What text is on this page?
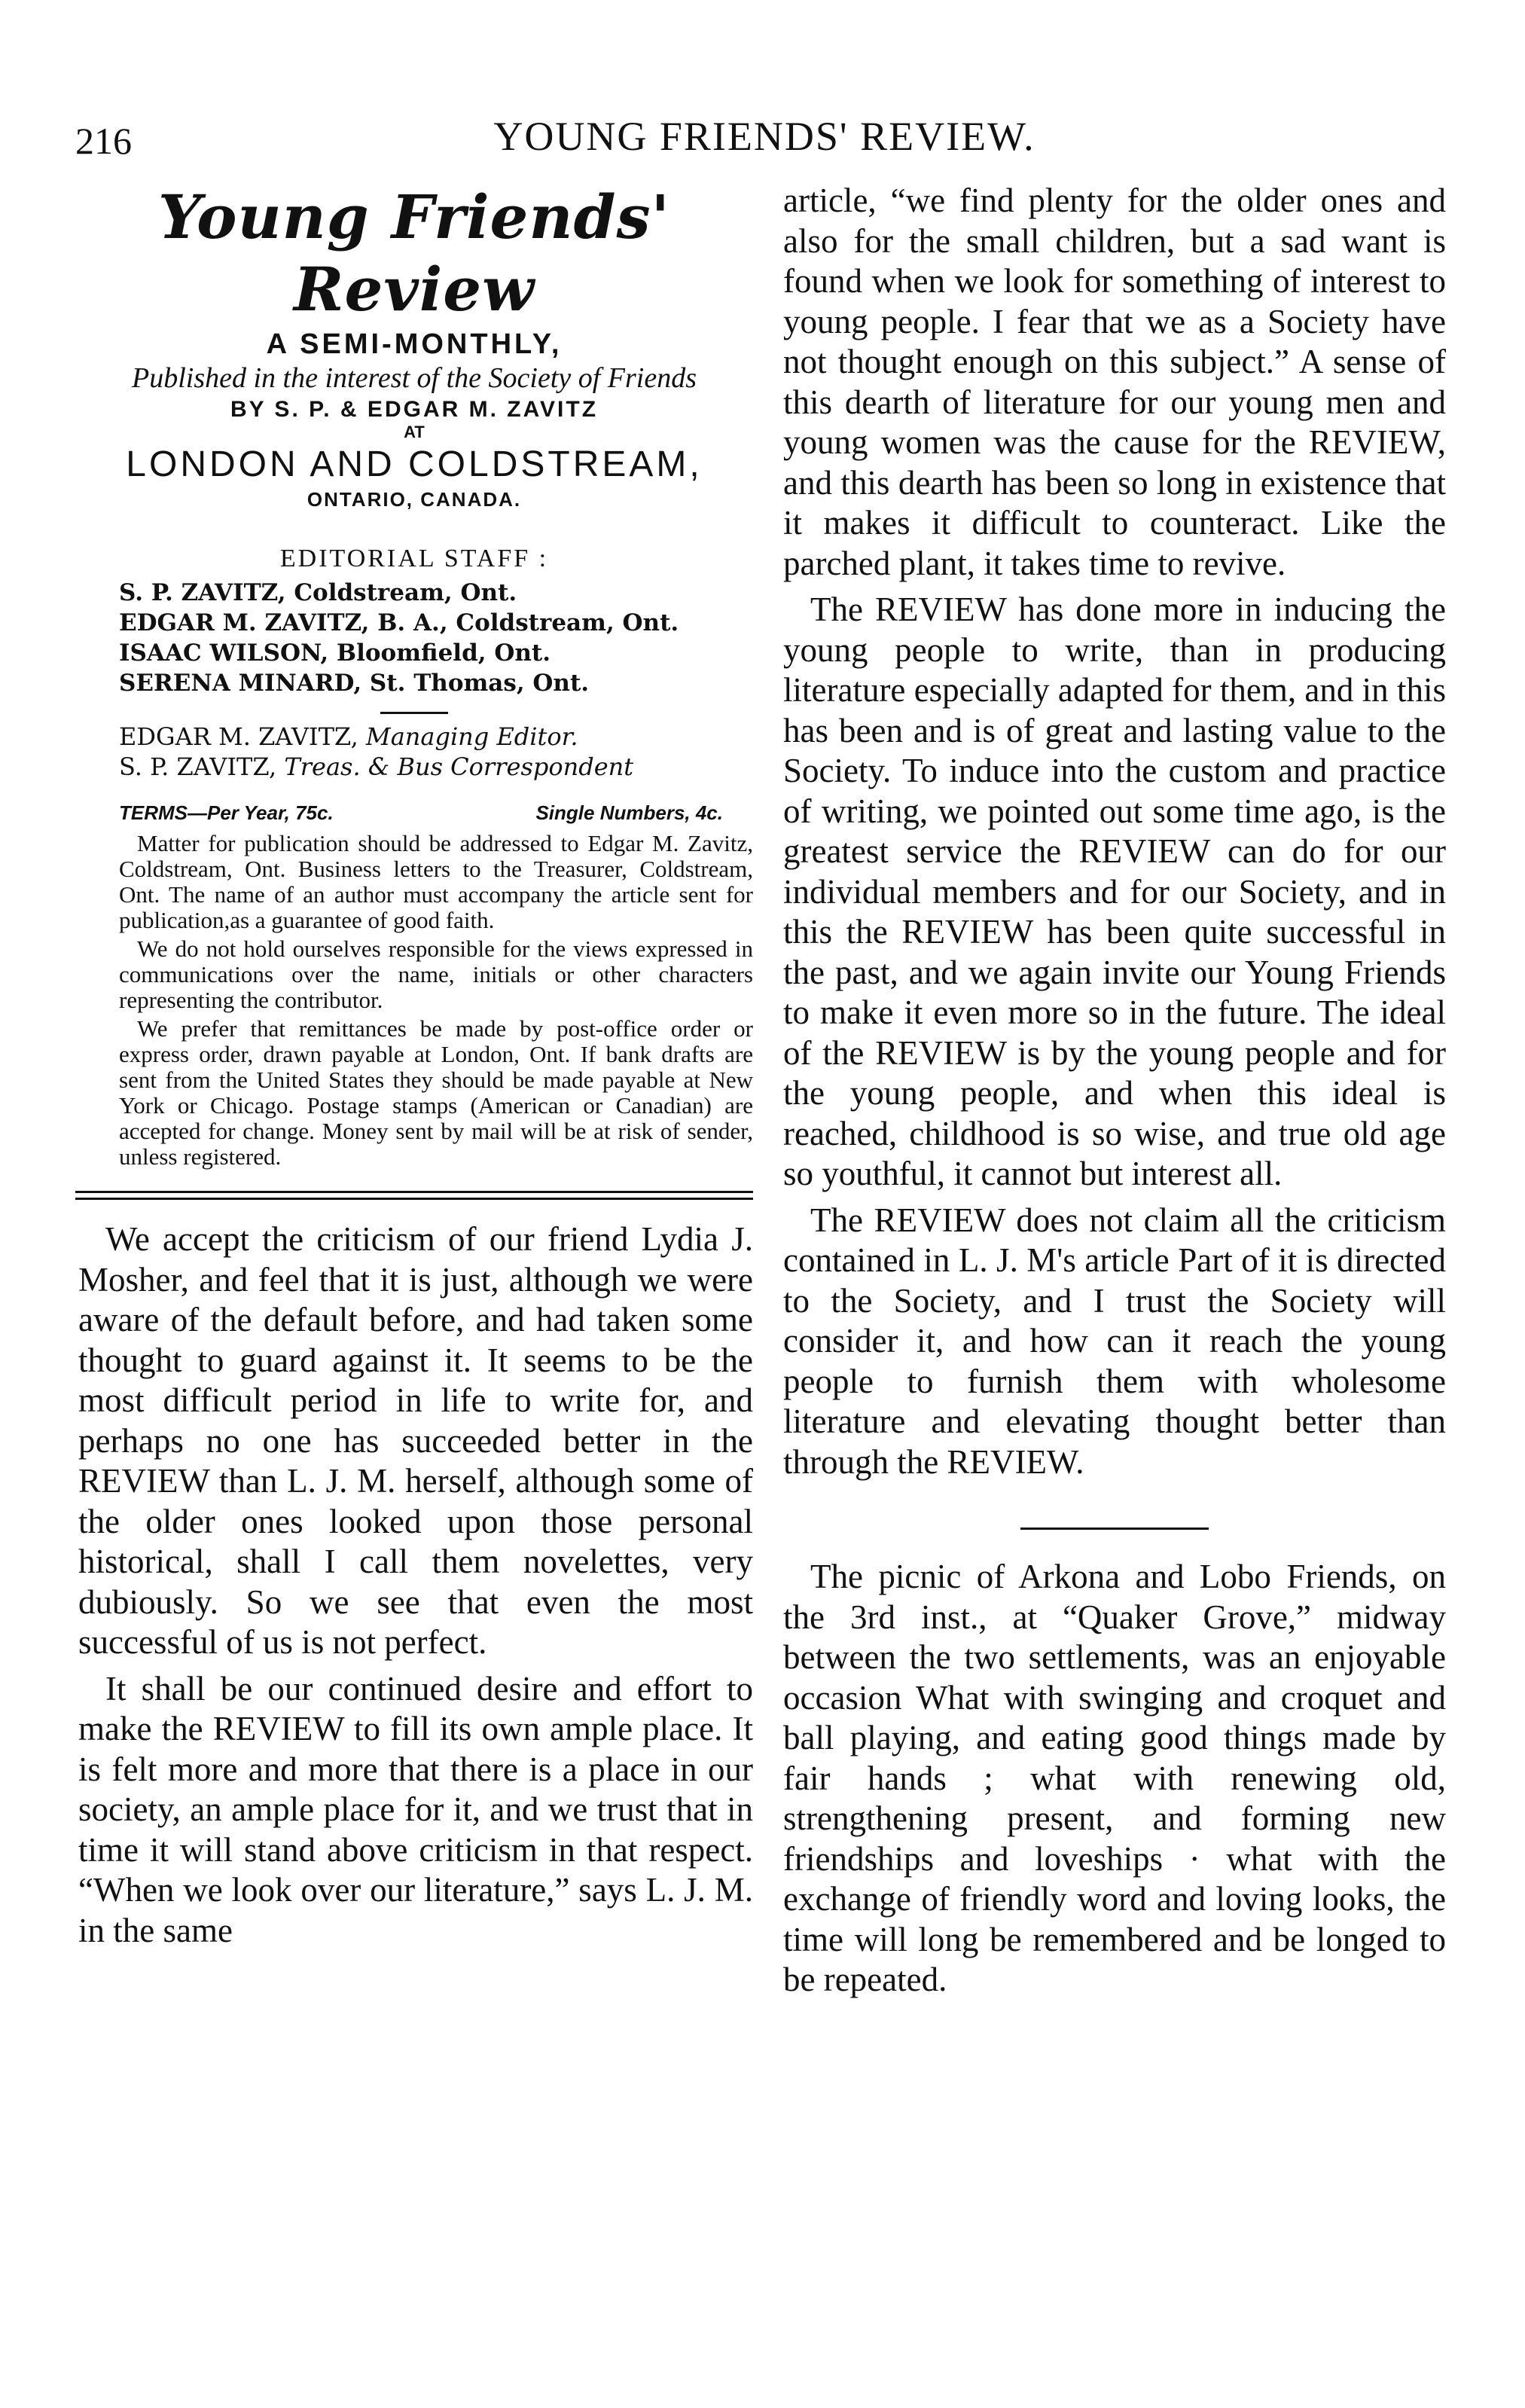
216	YOUNG FRIENDS' REVIEW.
Young Friends' Review
A SEMI-MONTHLY,
Published in the interest of the Society of Friends
BY S. P. & EDGAR M. ZAVITZ
AT
LONDON AND COLDSTREAM,
ONTARIO, CANADA.
EDITORIAL STAFF :
S. P. ZAVITZ, Coldstream, Ont.
EDGAR M. ZAVITZ, B. A., Coldstream, Ont.
ISAAC WILSON, Bloomfield, Ont.
SERENA MINARD, St. Thomas, Ont.
EDGAR M. ZAVITZ, Managing Editor.
S. P. ZAVITZ, Treas. & Bus Correspondent
TERMS—Per Year, 75c.	Single Numbers, 4c.

Matter for publication should be addressed to Edgar M. Zavitz, Coldstream, Ont. Business letters to the Treasurer, Coldstream, Ont. The name of an author must accompany the article sent for publication,as a guarantee of good faith.

We do not hold ourselves responsible for the views expressed in communications over the name, initials or other characters representing the contributor.

We prefer that remittances be made by post-office order or express order, drawn payable at London, Ont. If bank drafts are sent from the United States they should be made payable at New York or Chicago. Postage stamps (American or Canadian) are accepted for change. Money sent by mail will be at risk of sender, unless registered.

We accept the criticism of our friend Lydia J. Mosher, and feel that it is just, although we were aware of the default before, and had taken some thought to guard against it. It seems to be the most difficult period in life to write for, and perhaps no one has succeeded better in the REVIEW than L. J. M. herself, although some of the older ones looked upon those personal historical, shall I call them novelettes, very dubiously. So we see that even the most successful of us is not perfect.

It shall be our continued desire and effort to make the REVIEW to fill its own ample place. It is felt more and more that there is a place in our society, an ample place for it, and we trust that in time it will stand above criticism in that respect. “When we look over our literature,” says L. J. M. in the same

article, “we find plenty for the older ones and also for the small children, but a sad want is found when we look for something of interest to young people. I fear that we as a Society have not thought enough on this subject.” A sense of this dearth of literature for our young men and young women was the cause for the REVIEW, and this dearth has been so long in existence that it makes it difficult to counteract. Like the parched plant, it takes time to revive.

The REVIEW has done more in inducing the young people to write, than in producing literature especially adapted for them, and in this has been and is of great and lasting value to the Society. To induce into the custom and practice of writing, we pointed out some time ago, is the greatest service the REVIEW can do for our individual members and for our Society, and in this the REVIEW has been quite successful in the past, and we again invite our Young Friends to make it even more so in the future. The ideal of the REVIEW is by the young people and for the young people, and when this ideal is reached, childhood is so wise, and true old age so youthful, it cannot but interest all.

The REVIEW does not claim all the criticism contained in L. J. M's article Part of it is directed to the Society, and I trust the Society will consider it, and how can it reach the young people to furnish them with wholesome literature and elevating thought better than through the REVIEW.

The picnic of Arkona and Lobo Friends, on the 3rd inst., at “Quaker Grove,” midway between the two settlements, was an enjoyable occasion What with swinging and croquet and ball playing, and eating good things made by fair hands ; what with renewing old, strengthening present, and forming new friendships and loveships · what with the exchange of friendly word and loving looks, the time will long be remembered and be longed to be repeated.
